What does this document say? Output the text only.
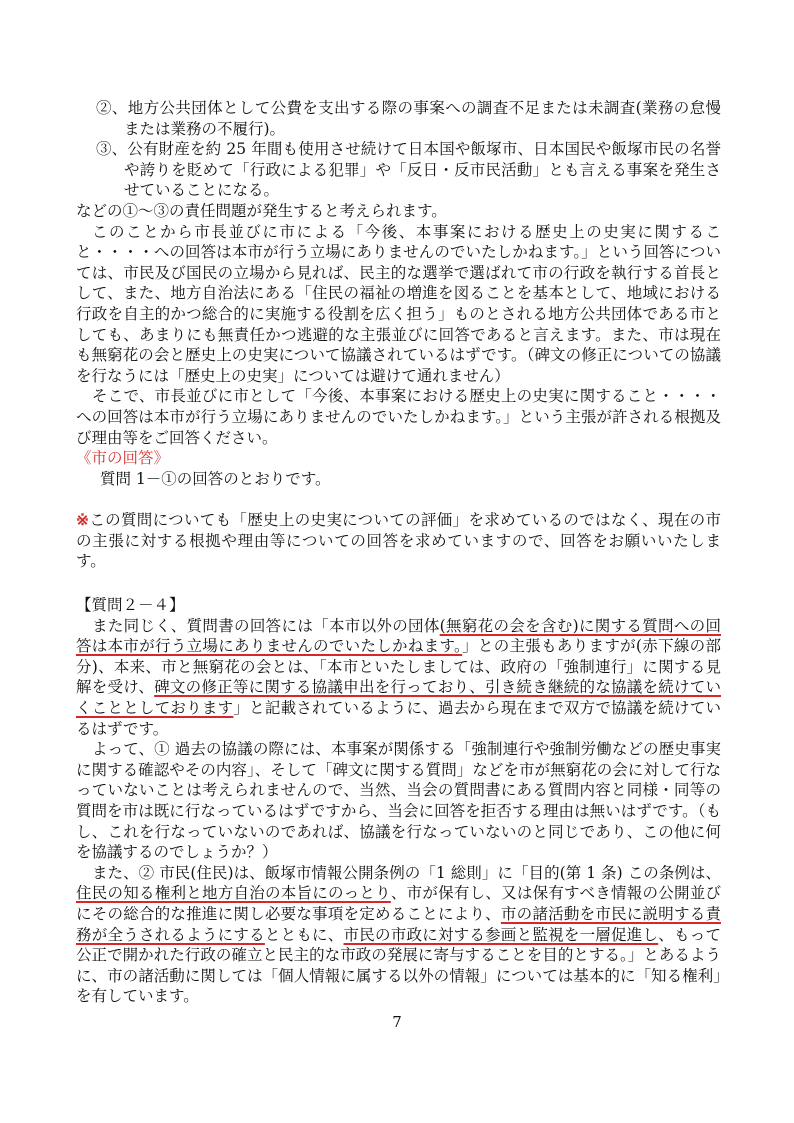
②、地方公共団体として公費を支出する際の事案への調査不足または未調査(業務の怠慢または業務の不履行)。

③、公有財産を約 25 年間も使用させ続けて日本国や飯塚市、日本国民や飯塚市民の名誉や誇りを貶めて「行政による犯罪」や「反日・反市民活動」とも言える事案を発生させていることになる。

などの①～③の責任問題が発生すると考えられます。

このことから市長並びに市による「今後、本事案における歴史上の史実に関すること・・・・への回答は本市が行う立場にありませんのでいたしかねます。」という回答については、市民及び国民の立場から見れば、民主的な選挙で選ばれて市の行政を執行する首長として、また、地方自治法にある「住民の福祉の増進を図ることを基本として、地域における行政を自主的かつ総合的に実施する役割を広く担う」ものとされる地方公共団体である市としても、あまりにも無責任かつ逃避的な主張並びに回答であると言えます。また、市は現在も無窮花の会と歴史上の史実について協議されているはずです。（碑文の修正についての協議を行なうには「歴史上の史実」については避けて通れません）

そこで、市長並びに市として「今後、本事案における歴史上の史実に関すること・・・・への回答は本市が行う立場にありませんのでいたしかねます。」という主張が許される根拠及び理由等をご回答ください。

《市の回答》

質問 1－①の回答のとおりです。

※この質問についても「歴史上の史実についての評価」を求めているのではなく、現在の市の主張に対する根拠や理由等についての回答を求めていますので、回答をお願いいたします。

【質問２－４】

また同じく、質問書の回答には「本市以外の団体(無窮花の会を含む)に関する質問への回答は本市が行う立場にありませんのでいたしかねます。」との主張もありますが(赤下線の部分)、本来、市と無窮花の会とは、「本市といたしましては、政府の「強制連行」に関する見解を受け、碑文の修正等に関する協議申出を行っており、引き続き継続的な協議を続けていくこととしております」と記載されているように、過去から現在まで双方で協議を続けているはずです。

よって、① 過去の協議の際には、本事案が関係する「強制連行や強制労働などの歴史事実に関する確認やその内容」、そして「碑文に関する質問」などを市が無窮花の会に対して行なっていないことは考えられませんので、当然、当会の質問書にある質問内容と同様・同等の質問を市は既に行なっているはずですから、当会に回答を拒否する理由は無いはずです。（もし、これを行なっていないのであれば、協議を行なっていないのと同じであり、この他に何を協議するのでしょうか？）

また、② 市民(住民)は、飯塚市情報公開条例の「1 総則」に「目的(第 1 条) この条例は、住民の知る権利と地方自治の本旨にのっとり、市が保有し、又は保有すべき情報の公開並びにその総合的な推進に関し必要な事項を定めることにより、市の諸活動を市民に説明する責務が全うされるようにするとともに、市民の市政に対する参画と監視を一層促進し、もって公正で開かれた行政の確立と民主的な市政の発展に寄与することを目的とする。」とあるように、市の諸活動に関しては「個人情報に属する以外の情報」については基本的に「知る権利」を有しています。

7
